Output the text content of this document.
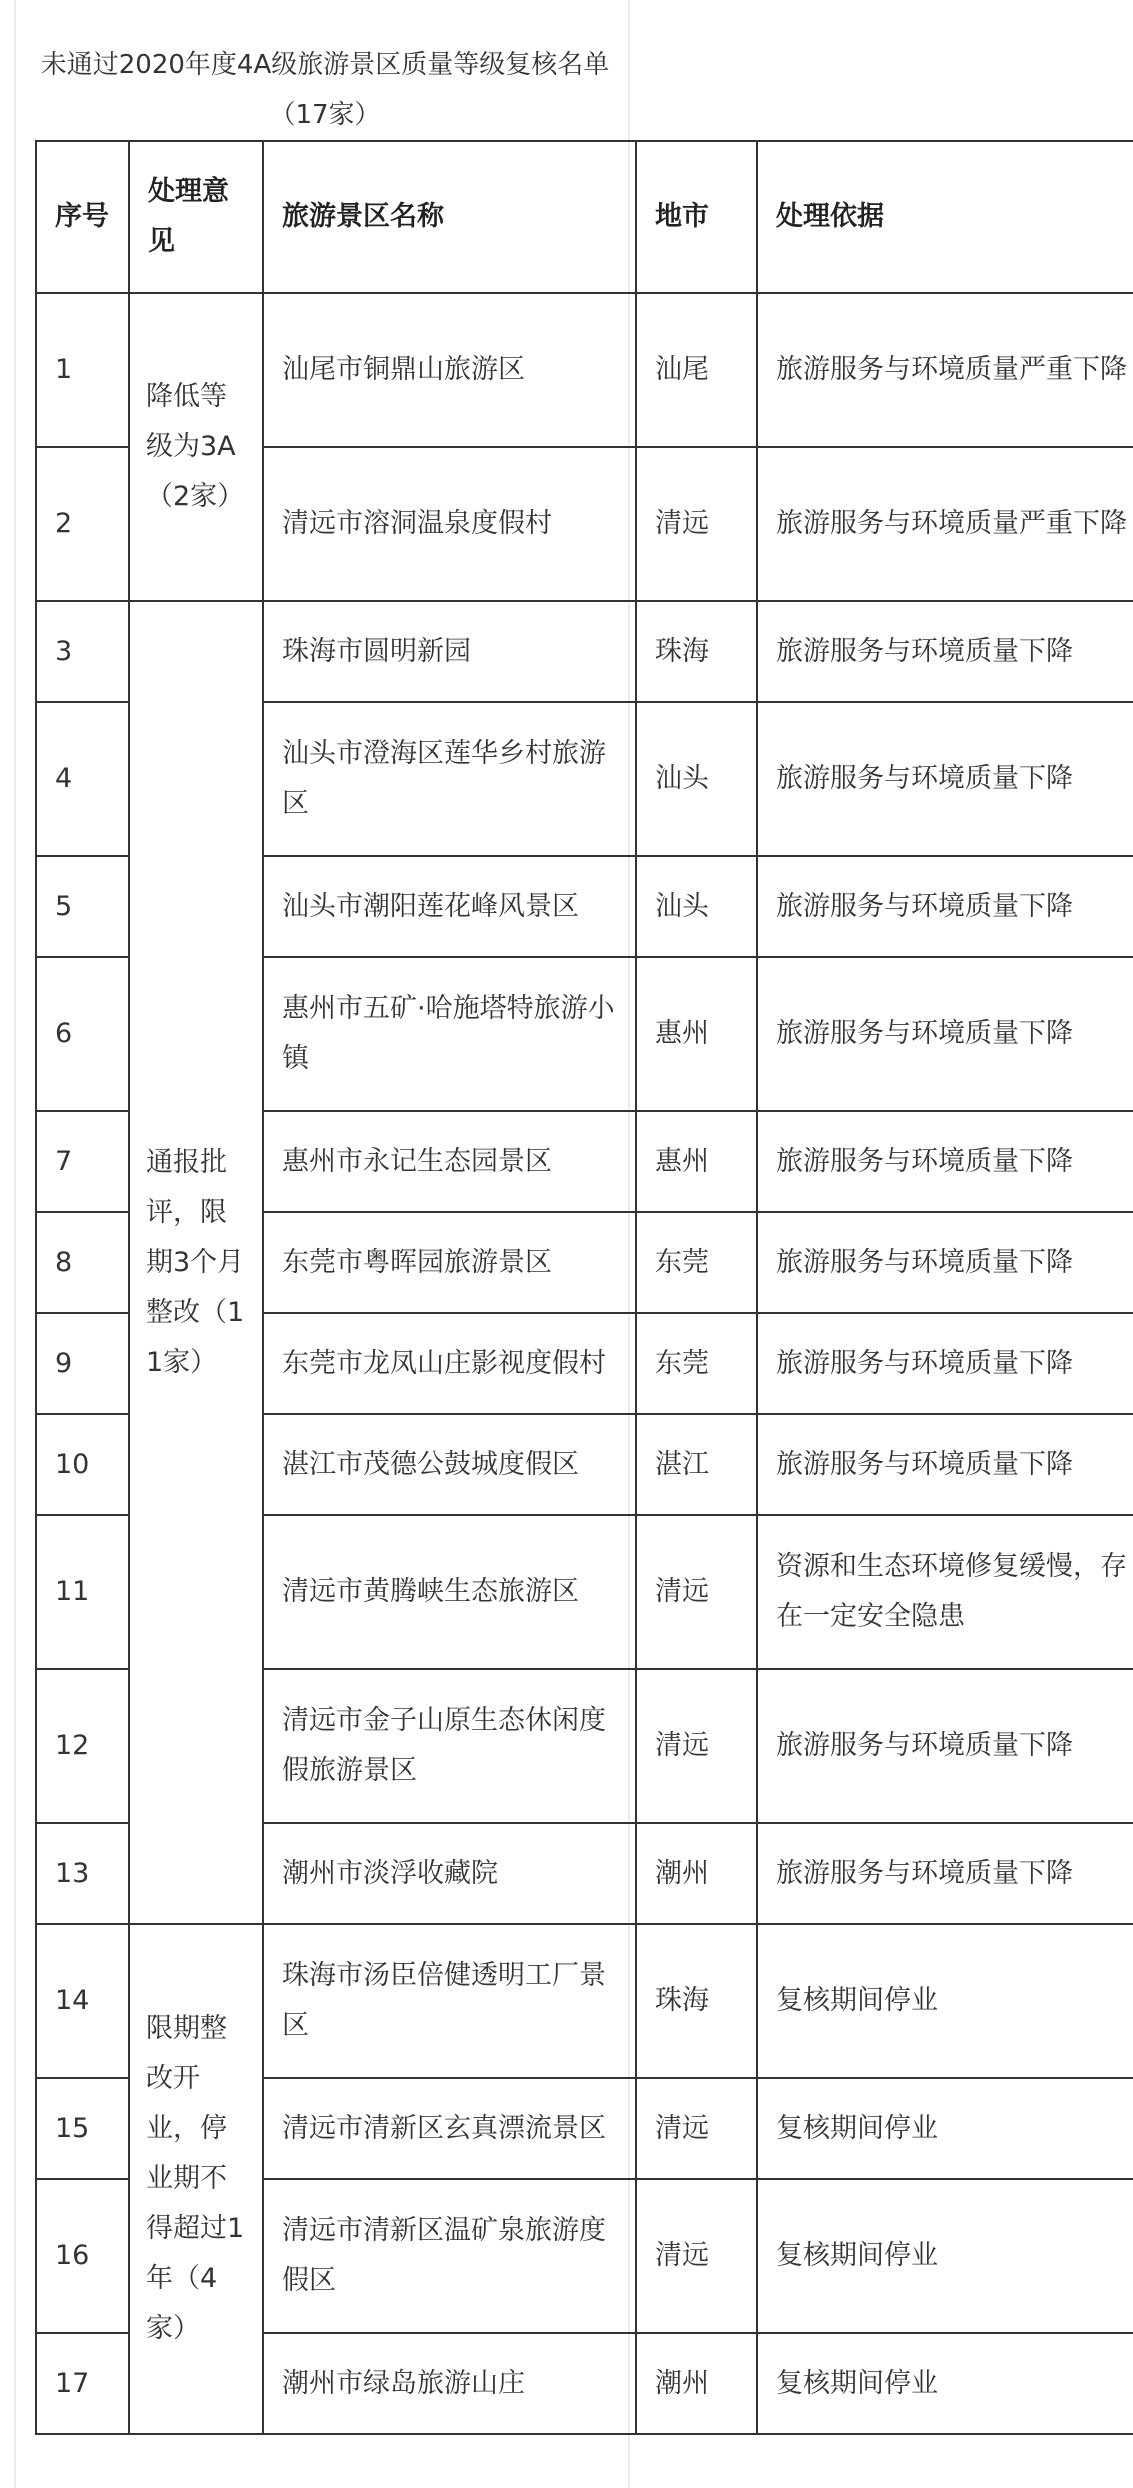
未通过2020年度4A级旅游景区质量等级复核名单（17家）
序号	处理意见	旅游景区名称	地市	处理依据
1	降低等级为3A（2家）	汕尾市铜鼎山旅游区	汕尾	旅游服务与环境质量严重下降
2		清远市溶洞温泉度假村	清远	旅游服务与环境质量严重下降
3	通报批评，限期3个月整改（11家）	珠海市圆明新园	珠海	旅游服务与环境质量下降
4		汕头市澄海区莲华乡村旅游区	汕头	旅游服务与环境质量下降
5		汕头市潮阳莲花峰风景区	汕头	旅游服务与环境质量下降
6		惠州市五矿·哈施塔特旅游小镇	惠州	旅游服务与环境质量下降
7		惠州市永记生态园景区	惠州	旅游服务与环境质量下降
8		东莞市粤晖园旅游景区	东莞	旅游服务与环境质量下降
9		东莞市龙凤山庄影视度假村	东莞	旅游服务与环境质量下降
10		湛江市茂德公鼓城度假区	湛江	旅游服务与环境质量下降
11		清远市黄腾峡生态旅游区	清远	资源和生态环境修复缓慢，存在一定安全隐患
12		清远市金子山原生态休闲度假旅游景区	清远	旅游服务与环境质量下降
13		潮州市淡浮收藏院	潮州	旅游服务与环境质量下降
14	限期整改开业，停业期不得超过1年（4家）	珠海市汤臣倍健透明工厂景区	珠海	复核期间停业
15		清远市清新区玄真漂流景区	清远	复核期间停业
16		清远市清新区温矿泉旅游度假区	清远	复核期间停业
17		潮州市绿岛旅游山庄	潮州	复核期间停业
